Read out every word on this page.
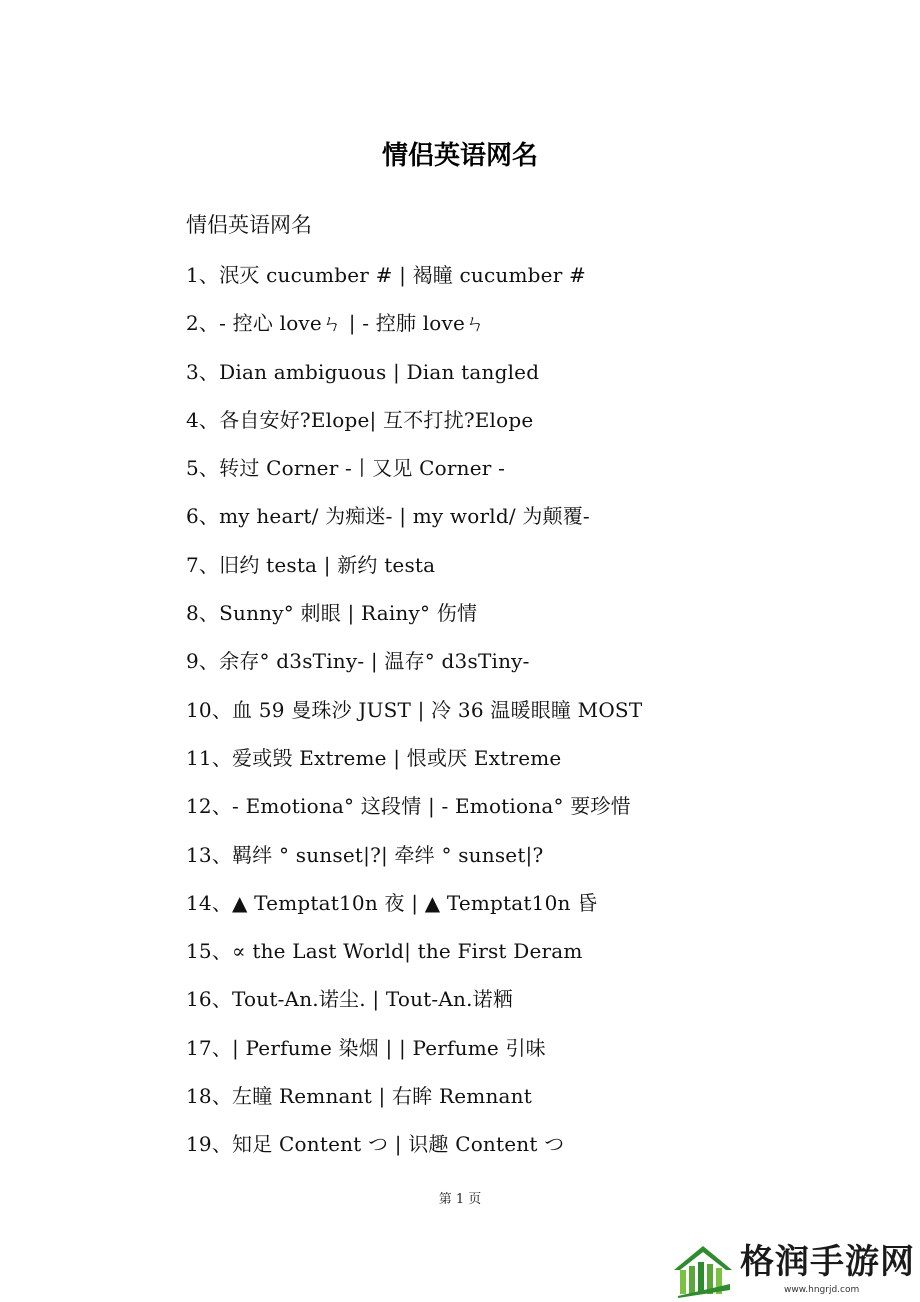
情侣英语网名
情侣英语网名
1、泯灭 cucumber # | 褐瞳 cucumber #
2、- 控心 loveㄣ | - 控肺 loveㄣ
3、Dian ambiguous | Dian tangled
4、各自安好?Elope| 互不打扰?Elope
5、转过 Corner -丨又见 Corner -
6、my heart/ 为痴迷- | my world/ 为颠覆-
7、旧约 testa | 新约 testa
8、Sunny° 刺眼 | Rainy° 伤情
9、余存° d3sTiny- | 温存° d3sTiny-
10、血 59 曼珠沙 JUST | 冷 36 温暖眼瞳 MOST
11、爱或毁 Extreme | 恨或厌 Extreme
12、- Emotiona° 这段情 | - Emotiona° 要珍惜
13、羁绊 ° sunset|?| 牵绊 ° sunset|?
14、▲ Temptat10n 夜 | ▲ Temptat10n 昏
15、∝ the Last World| the First Deram
16、Tout-An.诺尘. | Tout-An.诺粞
17、| Perfume 染烟 | | Perfume 引味
18、左瞳 Remnant | 右眸 Remnant
19、知足 Content つ | 识趣 Content つ
第 1 页
格润手游网
www.hngrjd.com
